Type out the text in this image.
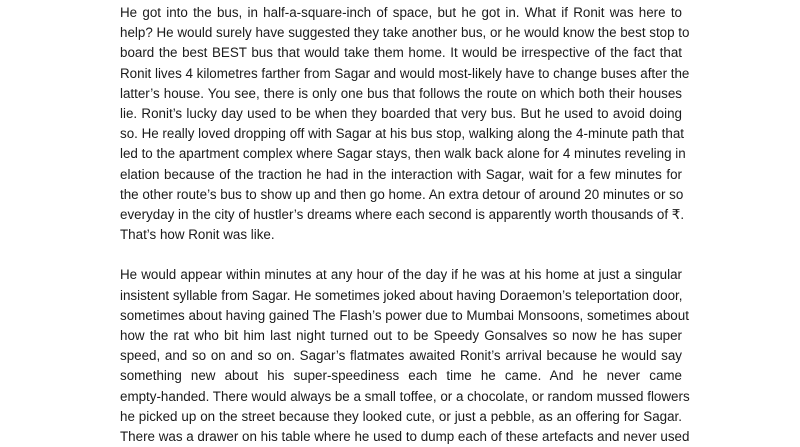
He got into the bus, in half-a-square-inch of space, but he got in. What if Ronit was here to
help? He would surely have suggested they take another bus, or he would know the best stop to
board the best BEST bus that would take them home. It would be irrespective of the fact that
Ronit lives 4 kilometres farther from Sagar and would most-likely have to change buses after the
latter’s house. You see, there is only one bus that follows the route on which both their houses
lie. Ronit’s lucky day used to be when they boarded that very bus. But he used to avoid doing
so. He really loved dropping off with Sagar at his bus stop, walking along the 4-minute path that
led to the apartment complex where Sagar stays, then walk back alone for 4 minutes reveling in
elation because of the traction he had in the interaction with Sagar, wait for a few minutes for
the other route’s bus to show up and then go home. An extra detour of around 20 minutes or so
everyday in the city of hustler’s dreams where each second is apparently worth thousands of ₹.
That’s how Ronit was like.
He would appear within minutes at any hour of the day if he was at his home at just a singular
insistent syllable from Sagar. He sometimes joked about having Doraemon’s teleportation door,
sometimes about having gained The Flash’s power due to Mumbai Monsoons, sometimes about
how the rat who bit him last night turned out to be Speedy Gonsalves so now he has super
speed, and so on and so on. Sagar’s flatmates awaited Ronit’s arrival because he would say
something new about his super-speediness each time he came. And he never came
empty-handed. There would always be a small toffee, or a chocolate, or random mussed flowers
he picked up on the street because they looked cute, or just a pebble, as an offering for Sagar.
There was a drawer on his table where he used to dump each of these artefacts and never used
